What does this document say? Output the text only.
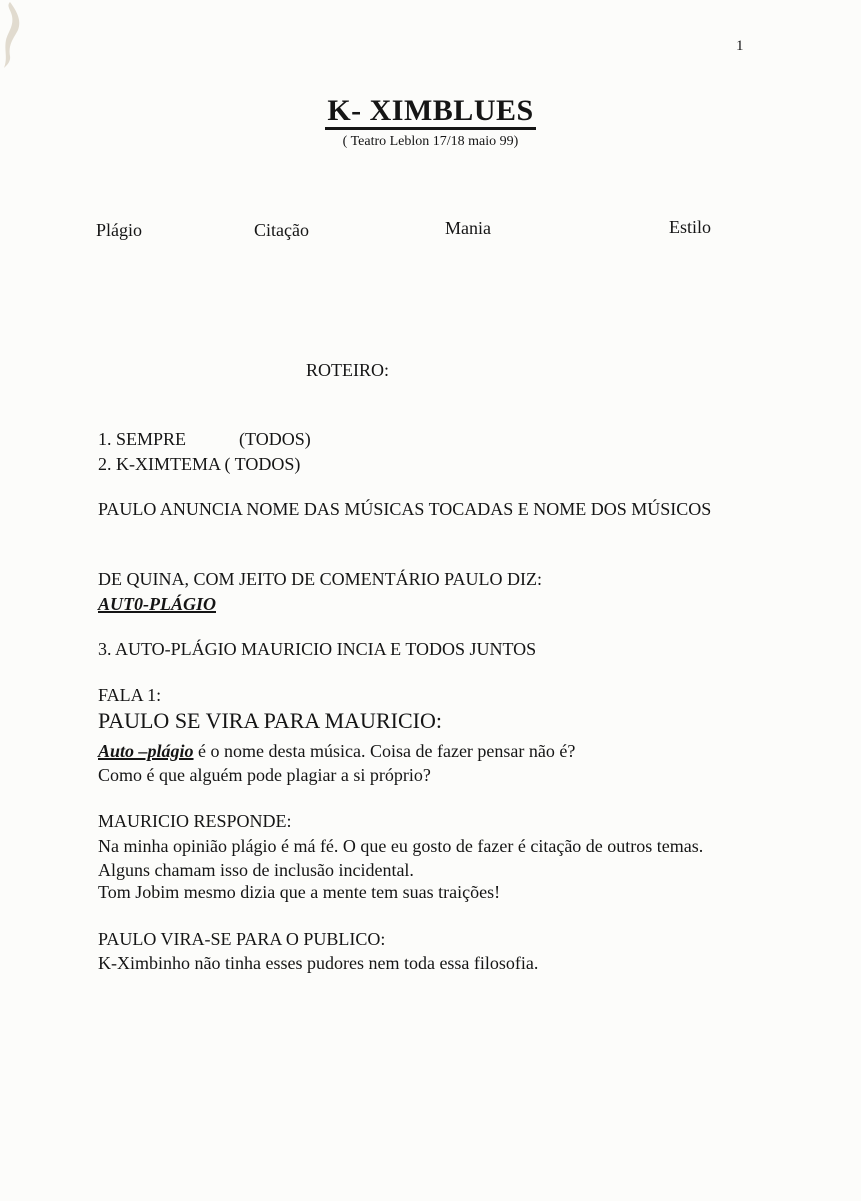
1
K- XIMBLUES
( Teatro Leblon 17/18 maio 99)
Plágio	Citação	Mania	Estilo
ROTEIRO:
1. SEMPRE	(TODOS)
2. K-XIMTEMA ( TODOS)
PAULO ANUNCIA NOME DAS MÚSICAS TOCADAS E NOME DOS MÚSICOS
DE QUINA, COM JEITO DE COMENTÁRIO PAULO DIZ:
AUT0-PLÁGIO
3. AUTO-PLÁGIO MAURICIO INCIA E TODOS JUNTOS
FALA 1:
PAULO SE VIRA PARA MAURICIO:
Auto –plágio é o nome desta música. Coisa de fazer pensar não é?
Como é que alguém pode plagiar a si próprio?
MAURICIO RESPONDE:
Na minha opinião plágio é má fé. O que eu gosto de fazer é citação de outros temas. Alguns chamam isso de inclusão incidental.
Tom Jobim mesmo dizia que a mente tem suas traições!
PAULO VIRA-SE PARA O PUBLICO:
K-Ximbinho não tinha esses pudores nem toda essa filosofia.
